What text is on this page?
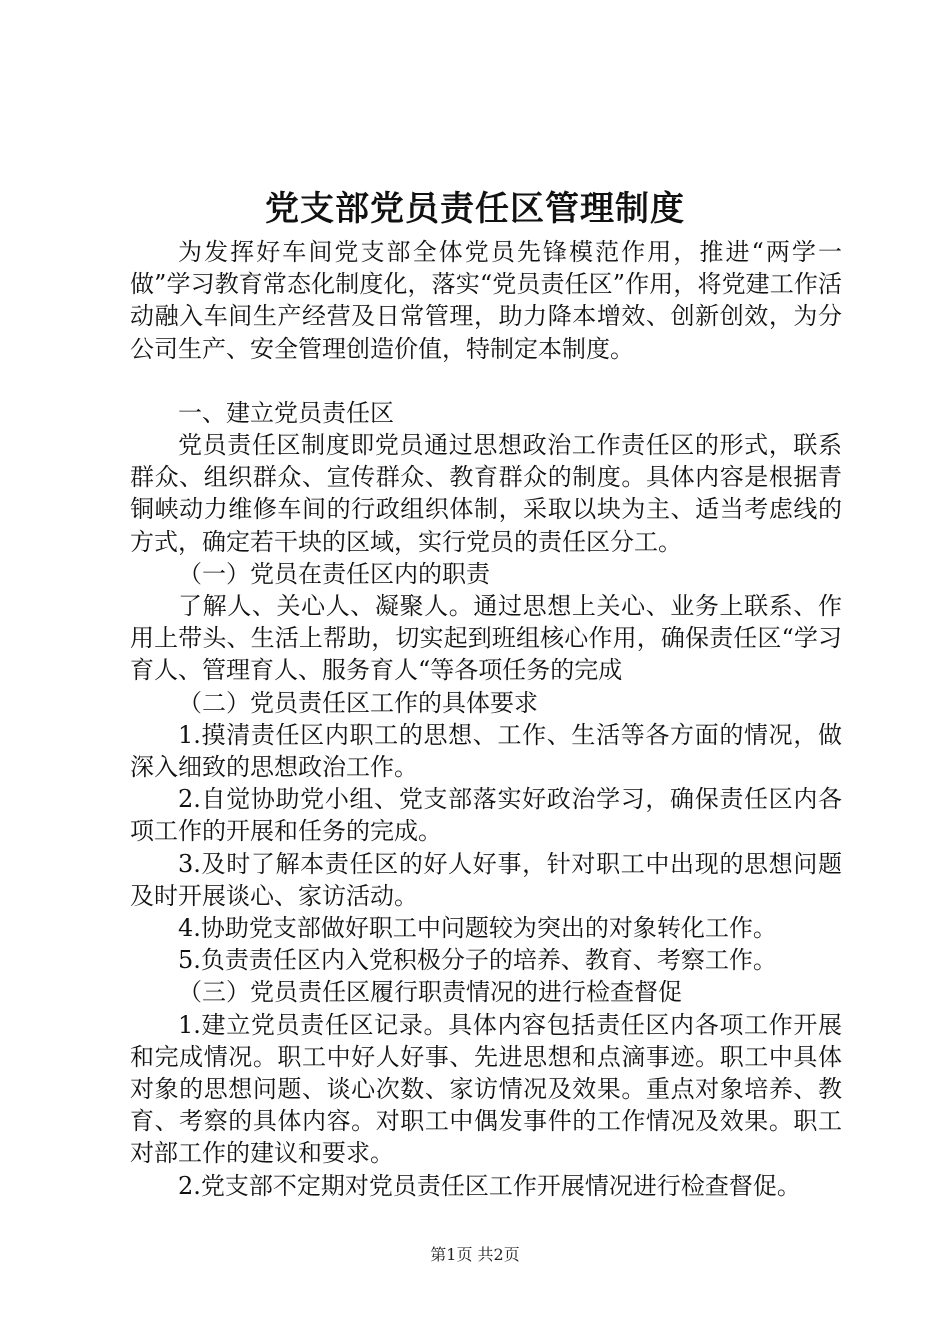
党支部党员责任区管理制度

为发挥好车间党支部全体党员先锋模范作用，推进“两学一做”学习教育常态化制度化，落实“党员责任区”作用，将党建工作活动融入车间生产经营及日常管理，助力降本增效、创新创效，为分公司生产、安全管理创造价值，特制定本制度。

一、建立党员责任区

党员责任区制度即党员通过思想政治工作责任区的形式，联系群众、组织群众、宣传群众、教育群众的制度。具体内容是根据青铜峡动力维修车间的行政组织体制，采取以块为主、适当考虑线的方式，确定若干块的区域，实行党员的责任区分工。

（一）党员在责任区内的职责

了解人、关心人、凝聚人。通过思想上关心、业务上联系、作用上带头、生活上帮助，切实起到班组核心作用，确保责任区“学习育人、管理育人、服务育人“等各项任务的完成

（二）党员责任区工作的具体要求

1.摸清责任区内职工的思想、工作、生活等各方面的情况，做深入细致的思想政治工作。

2.自觉协助党小组、党支部落实好政治学习，确保责任区内各项工作的开展和任务的完成。

3.及时了解本责任区的好人好事，针对职工中出现的思想问题及时开展谈心、家访活动。

4.协助党支部做好职工中问题较为突出的对象转化工作。

5.负责责任区内入党积极分子的培养、教育、考察工作。

（三）党员责任区履行职责情况的进行检查督促

1.建立党员责任区记录。具体内容包括责任区内各项工作开展和完成情况。职工中好人好事、先进思想和点滴事迹。职工中具体对象的思想问题、谈心次数、家访情况及效果。重点对象培养、教育、考察的具体内容。对职工中偶发事件的工作情况及效果。职工对部工作的建议和要求。

2.党支部不定期对党员责任区工作开展情况进行检查督促。

第1页 共2页
